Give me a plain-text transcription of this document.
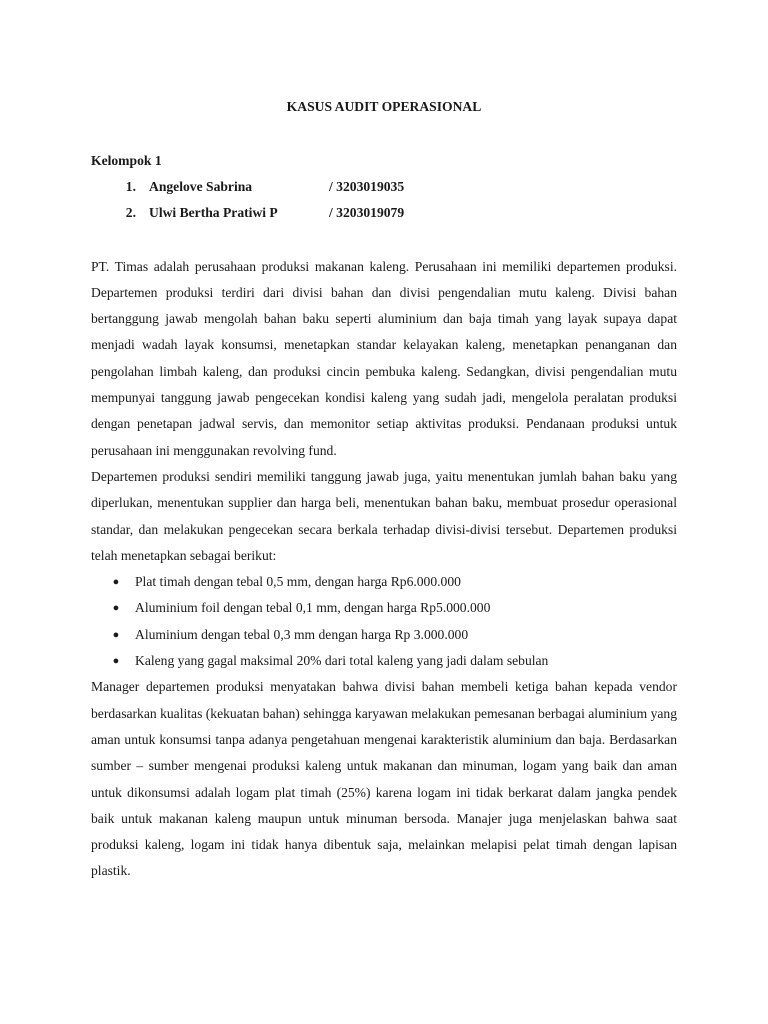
KASUS AUDIT OPERASIONAL
Kelompok 1
1. Angelove Sabrina	/ 3203019035
2. Ulwi Bertha Pratiwi P	/ 3203019079

PT. Timas adalah perusahaan produksi makanan kaleng. Perusahaan ini memiliki departemen produksi. Departemen produksi terdiri dari divisi bahan dan divisi pengendalian mutu kaleng. Divisi bahan bertanggung jawab mengolah bahan baku seperti aluminium dan baja timah yang layak supaya dapat menjadi wadah layak konsumsi, menetapkan standar kelayakan kaleng, menetapkan penanganan dan pengolahan limbah kaleng, dan produksi cincin pembuka kaleng. Sedangkan, divisi pengendalian mutu mempunyai tanggung jawab pengecekan kondisi kaleng yang sudah jadi, mengelola peralatan produksi dengan penetapan jadwal servis, dan memonitor setiap aktivitas produksi. Pendanaan produksi untuk perusahaan ini menggunakan revolving fund.

Departemen produksi sendiri memiliki tanggung jawab juga, yaitu menentukan jumlah bahan baku yang diperlukan, menentukan supplier dan harga beli, menentukan bahan baku, membuat prosedur operasional standar, dan melakukan pengecekan secara berkala terhadap divisi-divisi tersebut. Departemen produksi telah menetapkan sebagai berikut:

●	Plat timah dengan tebal 0,5 mm, dengan harga Rp6.000.000
●	Aluminium foil dengan tebal 0,1 mm, dengan harga Rp5.000.000
●	Aluminium dengan tebal 0,3 mm dengan harga Rp 3.000.000
●	Kaleng yang gagal maksimal 20% dari total kaleng yang jadi dalam sebulan

Manager departemen produksi menyatakan bahwa divisi bahan membeli ketiga bahan kepada vendor berdasarkan kualitas (kekuatan bahan) sehingga karyawan melakukan pemesanan berbagai aluminium yang aman untuk konsumsi tanpa adanya pengetahuan mengenai karakteristik aluminium dan baja. Berdasarkan sumber – sumber mengenai produksi kaleng untuk makanan dan minuman, logam yang baik dan aman untuk dikonsumsi adalah logam plat timah (25%) karena logam ini tidak berkarat dalam jangka pendek baik untuk makanan kaleng maupun untuk minuman bersoda. Manajer juga menjelaskan bahwa saat produksi kaleng, logam ini tidak hanya dibentuk saja, melainkan melapisi pelat timah dengan lapisan plastik.
